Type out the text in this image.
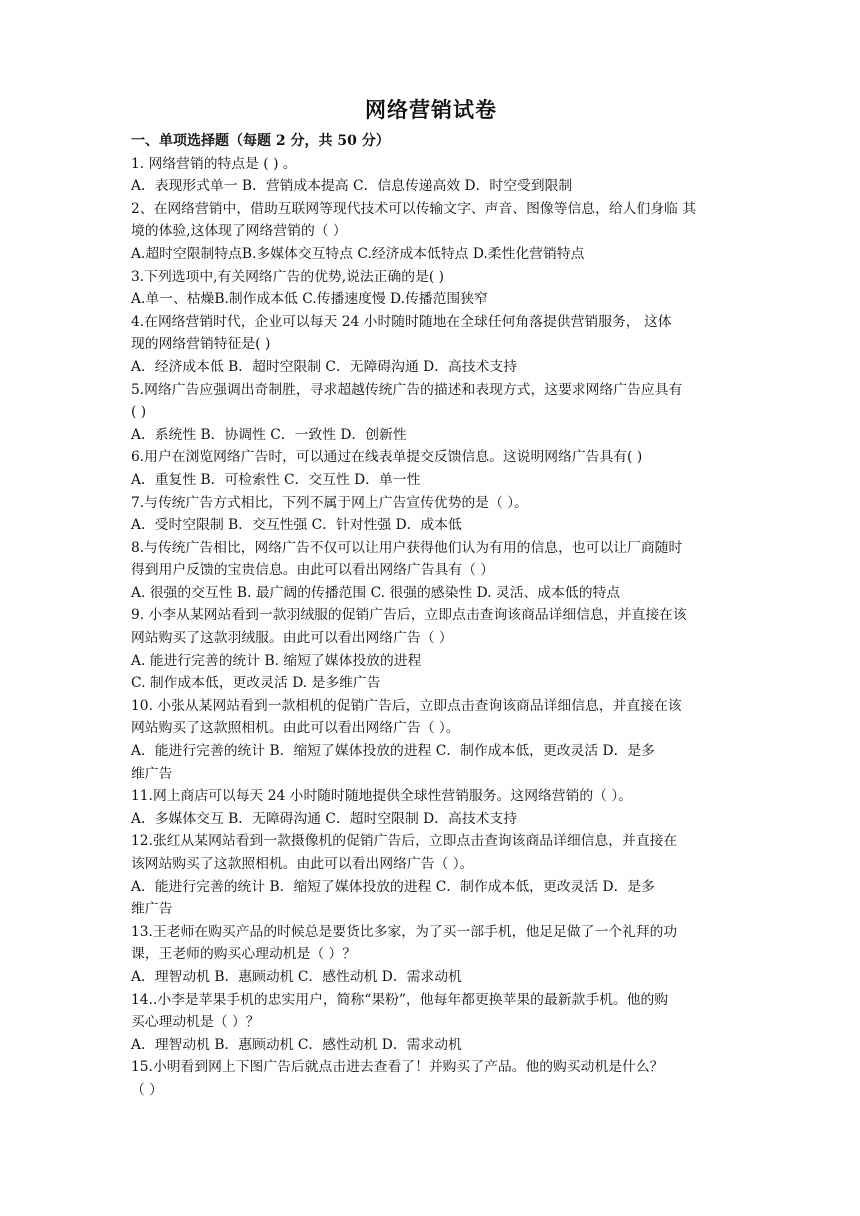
网络营销试卷

一、单项选择题（每题 2 分，共 50 分）

1. 网络营销的特点是 ( ) 。

A．表现形式单一 B．营销成本提高 C．信息传递高效 D．时空受到限制

2、在网络营销中，借助互联网等现代技术可以传输文字、声音、图像等信息，给人们身临 其

境的体验,这体现了网络营销的（ ）

A.超时空限制特点B.多媒体交互特点 C.经济成本低特点 D.柔性化营销特点

3.下列选项中,有关网络广告的优势,说法正确的是( )

A.单一、枯燥B.制作成本低 C.传播速度慢 D.传播范围狭窄

4.在网络营销时代，企业可以每天 24 小时随时随地在全球任何角落提供营销服务， 这体

现的网络营销特征是( )

A．经济成本低 B．超时空限制 C．无障碍沟通 D．高技术支持

5.网络广告应强调出奇制胜，寻求超越传统广告的描述和表现方式，这要求网络广告应具有

( )

A．系统性 B．协调性 C．一致性 D．创新性

6.用户在浏览网络广告时，可以通过在线表单提交反馈信息。这说明网络广告具有( )

A．重复性 B．可检索性 C．交互性 D．单一性

7.与传统广告方式相比，下列不属于网上广告宣传优势的是（ ）。

A．受时空限制 B．交互性强 C．针对性强 D．成本低

8.与传统广告相比，网络广告不仅可以让用户获得他们认为有用的信息，也可以让厂商随时

得到用户反馈的宝贵信息。由此可以看出网络广告具有（ ）

A. 很强的交互性 B. 最广阔的传播范围 C. 很强的感染性 D. 灵活、成本低的特点

9. 小李从某网站看到一款羽绒服的促销广告后，立即点击查询该商品详细信息，并直接在该

网站购买了这款羽绒服。由此可以看出网络广告（ ）

A. 能进行完善的统计 B. 缩短了媒体投放的进程

C. 制作成本低，更改灵活 D. 是多维广告

10. 小张从某网站看到一款相机的促销广告后，立即点击查询该商品详细信息，并直接在该

网站购买了这款照相机。由此可以看出网络广告（ ）。

A．能进行完善的统计 B．缩短了媒体投放的进程 C．制作成本低，更改灵活 D．是多

维广告

11.网上商店可以每天 24 小时随时随地提供全球性营销服务。这网络营销的（ ）。

A．多媒体交互 B．无障碍沟通 C．超时空限制 D．高技术支持

12.张红从某网站看到一款摄像机的促销广告后，立即点击查询该商品详细信息，并直接在

该网站购买了这款照相机。由此可以看出网络广告（ ）。

A．能进行完善的统计 B．缩短了媒体投放的进程 C．制作成本低，更改灵活 D．是多

维广告

13.王老师在购买产品的时候总是要货比多家，为了买一部手机，他足足做了一个礼拜的功

课，王老师的购买心理动机是（ ）？

A．理智动机 B．惠顾动机 C．感性动机 D．需求动机

14..小李是苹果手机的忠实用户，简称“果粉”，他每年都更换苹果的最新款手机。他的购

买心理动机是（ ）？

A．理智动机 B．惠顾动机 C．感性动机 D．需求动机

15.小明看到网上下图广告后就点击进去查看了！并购买了产品。他的购买动机是什么？

（ ）
